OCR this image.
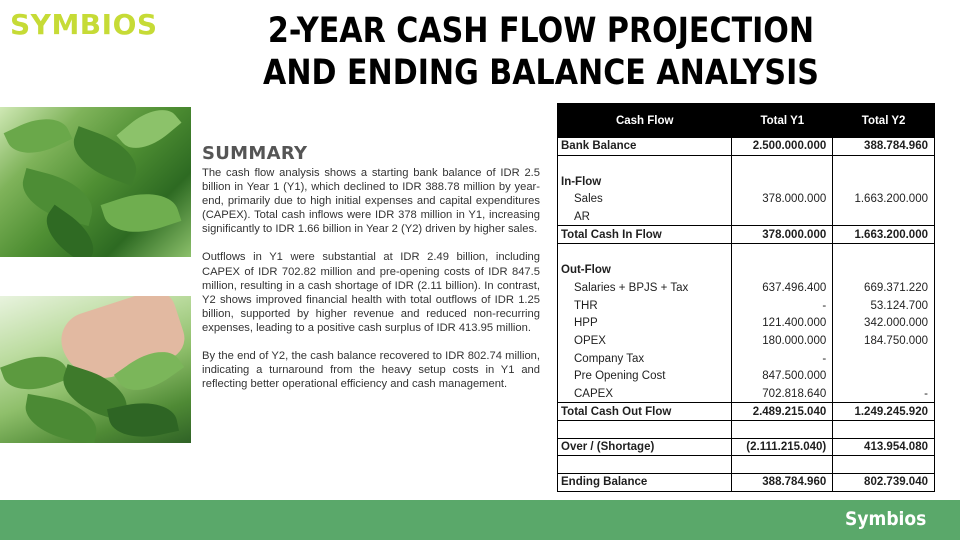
SYMBIOS	2-YEAR CASH FLOW PROJECTION AND ENDING BALANCE ANALYSIS
SUMMARY

The cash flow analysis shows a starting bank balance of IDR 2.5 billion in Year 1 (Y1), which declined to IDR 388.78 million by year-end, primarily due to high initial expenses and capital expenditures (CAPEX). Total cash inflows were IDR 378 million in Y1, increasing significantly to IDR 1.66 billion in Year 2 (Y2) driven by higher sales.

Outflows in Y1 were substantial at IDR 2.49 billion, including CAPEX of IDR 702.82 million and pre-opening costs of IDR 847.5 million, resulting in a cash shortage of IDR (2.11 billion). In contrast, Y2 shows improved financial health with total outflows of IDR 1.25 billion, supported by higher revenue and reduced non-recurring expenses, leading to a positive cash surplus of IDR 413.95 million.

By the end of Y2, the cash balance recovered to IDR 802.74 million, indicating a turnaround from the heavy setup costs in Y1 and reflecting better operational efficiency and cash management.

Cash Flow	Total Y1	Total Y2
Bank Balance	2.500.000.000	388.784.960

In-Flow		
Sales	378.000.000	1.663.200.000
AR		
Total Cash In Flow	378.000.000	1.663.200.000

Out-Flow		
Salaries + BPJS + Tax	637.496.400	669.371.220
THR	-	53.124.700
HPP	121.400.000	342.000.000
OPEX	180.000.000	184.750.000
Company Tax	-	
Pre Opening Cost	847.500.000	
CAPEX	702.818.640	-
Total Cash Out Flow	2.489.215.040	1.249.245.920

Over / (Shortage)	(2.111.215.040)	413.954.080

Ending Balance	388.784.960	802.739.040
Symbios
